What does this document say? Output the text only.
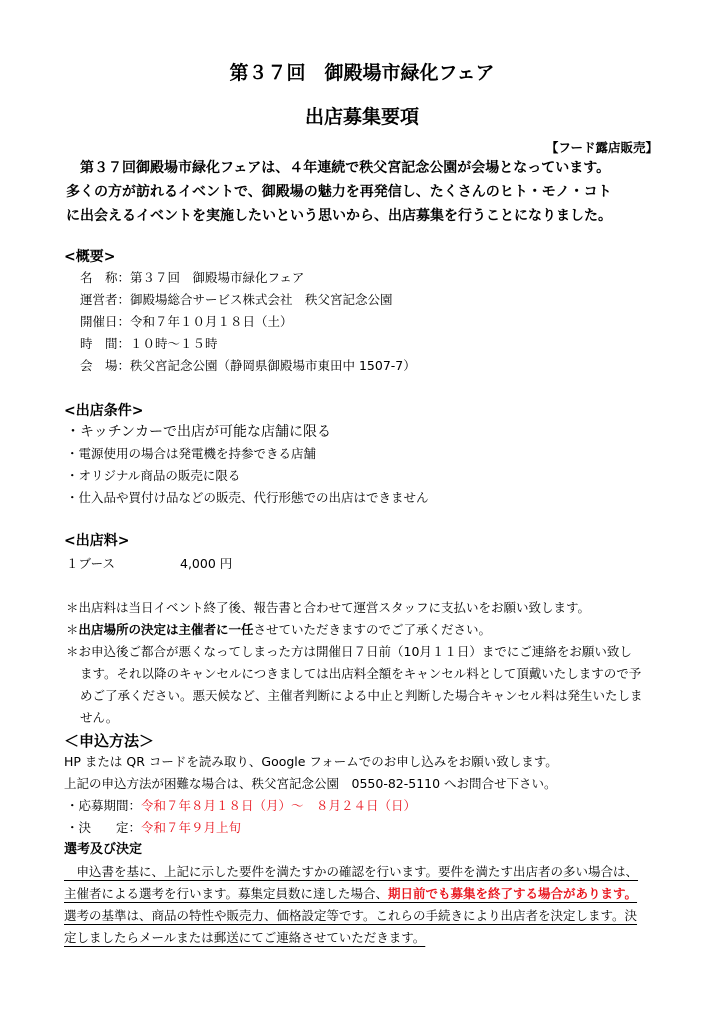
第３７回　御殿場市緑化フェア
出店募集要項
【フード露店販売】
　第３７回御殿場市緑化フェアは、４年連続で秩父宮記念公園が会場となっています。
多くの方が訪れるイベントで、御殿場の魅力を再発信し、たくさんのヒト・モノ・コト
に出会えるイベントを実施したいという思いから、出店募集を行うことになりました。
<概要>
名　称：第３７回　御殿場市緑化フェア
運営者：御殿場総合サービス株式会社　秩父宮記念公園
開催日：令和７年１０月１８日（土）
時　間：１０時～１５時
会　場：秩父宮記念公園（静岡県御殿場市東田中 1507-7）
<出店条件>
・キッチンカーで出店が可能な店舗に限る
・電源使用の場合は発電機を持参できる店舗
・オリジナル商品の販売に限る
・仕入品や買付け品などの販売、代行形態での出店はできません
<出店料>
１ブース	4,000 円
＊出店料は当日イベント終了後、報告書と合わせて運営スタッフに支払いをお願い致します。
＊出店場所の決定は主催者に一任させていただきますのでご了承ください。
＊お申込後ご都合が悪くなってしまった方は開催日７日前（10月１１日）までにご連絡をお願い致し
ます。それ以降のキャンセルにつきましては出店料全額をキャンセル料として頂戴いたしますので予
めご了承ください。悪天候など、主催者判断による中止と判断した場合キャンセル料は発生いたしま
せん。
＜申込方法＞
HP または QR コードを読み取り、Google フォームでのお申し込みをお願い致します。
上記の申込方法が困難な場合は、秩父宮記念公園　0550-82-5110 へお問合せ下さい。
・応募期間：令和７年８月１８日（月）～　８月２４日（日）
・決　　定：令和７年９月上旬
選考及び決定
　申込書を基に、上記に示した要件を満たすかの確認を行います。要件を満たす出店者の多い場合は、
主催者による選考を行います。募集定員数に達した場合、期日前でも募集を終了する場合があります。
選考の基準は、商品の特性や販売力、価格設定等です。これらの手続きにより出店者を決定します。決
定しましたらメールまたは郵送にてご連絡させていただきます。
